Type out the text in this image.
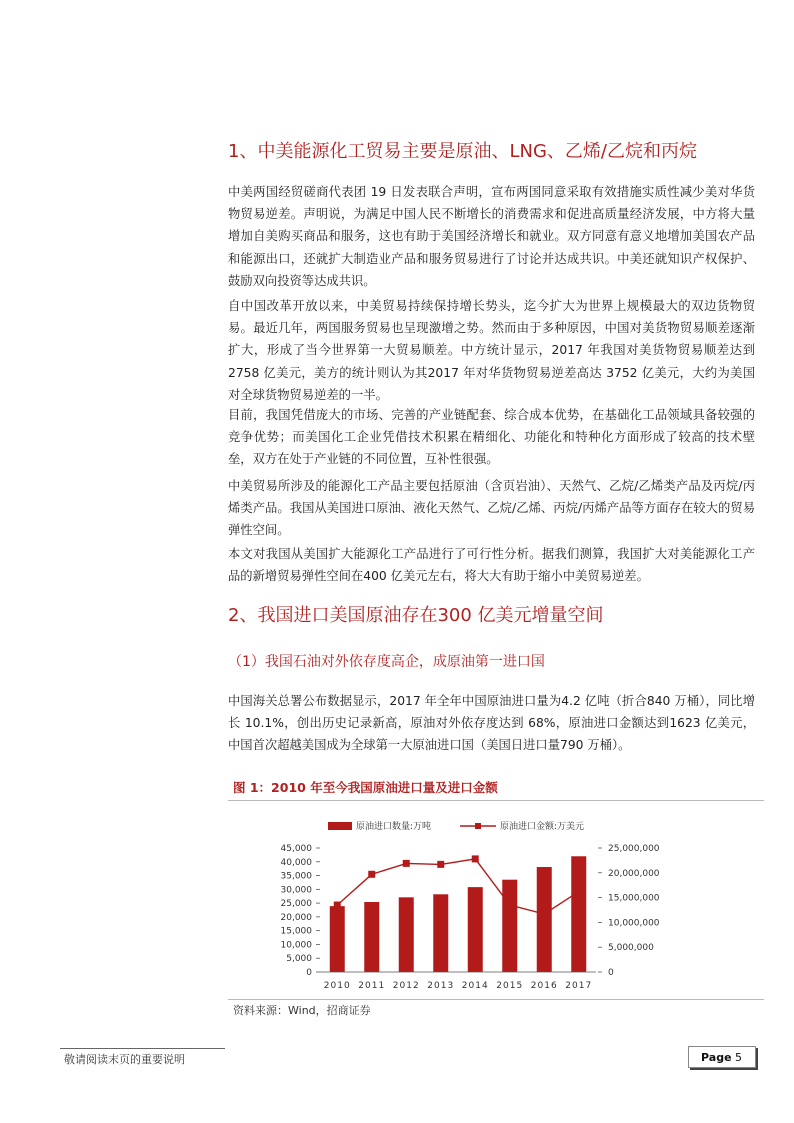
1、中美能源化工贸易主要是原油、LNG、乙烯/乙烷和丙烷

中美两国经贸磋商代表团 19 日发表联合声明，宣布两国同意采取有效措施实质性减少美对华货物贸易逆差。声明说，为满足中国人民不断增长的消费需求和促进高质量经济发展，中方将大量增加自美购买商品和服务，这也有助于美国经济增长和就业。双方同意有意义地增加美国农产品和能源出口，还就扩大制造业产品和服务贸易进行了讨论并达成共识。中美还就知识产权保护、鼓励双向投资等达成共识。

自中国改革开放以来，中美贸易持续保持增长势头，迄今扩大为世界上规模最大的双边货物贸易。最近几年，两国服务贸易也呈现激增之势。然而由于多种原因，中国对美货物贸易顺差逐渐扩大，形成了当今世界第一大贸易顺差。中方统计显示，2017 年我国对美货物贸易顺差达到 2758 亿美元，美方的统计则认为其2017 年对华货物贸易逆差高达 3752 亿美元，大约为美国对全球货物贸易逆差的一半。

目前，我国凭借庞大的市场、完善的产业链配套、综合成本优势，在基础化工品领域具备较强的竞争优势；而美国化工企业凭借技术积累在精细化、功能化和特种化方面形成了较高的技术壁垒，双方在处于产业链的不同位置，互补性很强。

中美贸易所涉及的能源化工产品主要包括原油（含页岩油）、天然气、乙烷/乙烯类产品及丙烷/丙烯类产品。我国从美国进口原油、液化天然气、乙烷/乙烯、丙烷/丙烯产品等方面存在较大的贸易弹性空间。

本文对我国从美国扩大能源化工产品进行了可行性分析。据我们测算，我国扩大对美能源化工产品的新增贸易弹性空间在400 亿美元左右，将大大有助于缩小中美贸易逆差。

2、我国进口美国原油存在300 亿美元增量空间
（1）我国石油对外依存度高企，成原油第一进口国

中国海关总署公布数据显示，2017 年全年中国原油进口量为4.2 亿吨（折合840 万桶），同比增长 10.1%，创出历史记录新高，原油对外依存度达到 68%，原油进口金额达到1623 亿美元，中国首次超越美国成为全球第一大原油进口国（美国日进口量790 万桶）。

图 1：2010 年至今我国原油进口量及进口金额
原油进口数量:万吨	原油进口金额:万美元
0
5,000
10,000
15,000
20,000
25,000
30,000
35,000
40,000
45,000
0
5,000,000
10,000,000
15,000,000
20,000,000
25,000,000
2010 2011 2012 2013 2014 2015 2016 2017
资料来源：Wind，招商证券
敬请阅读末页的重要说明	Page 5
